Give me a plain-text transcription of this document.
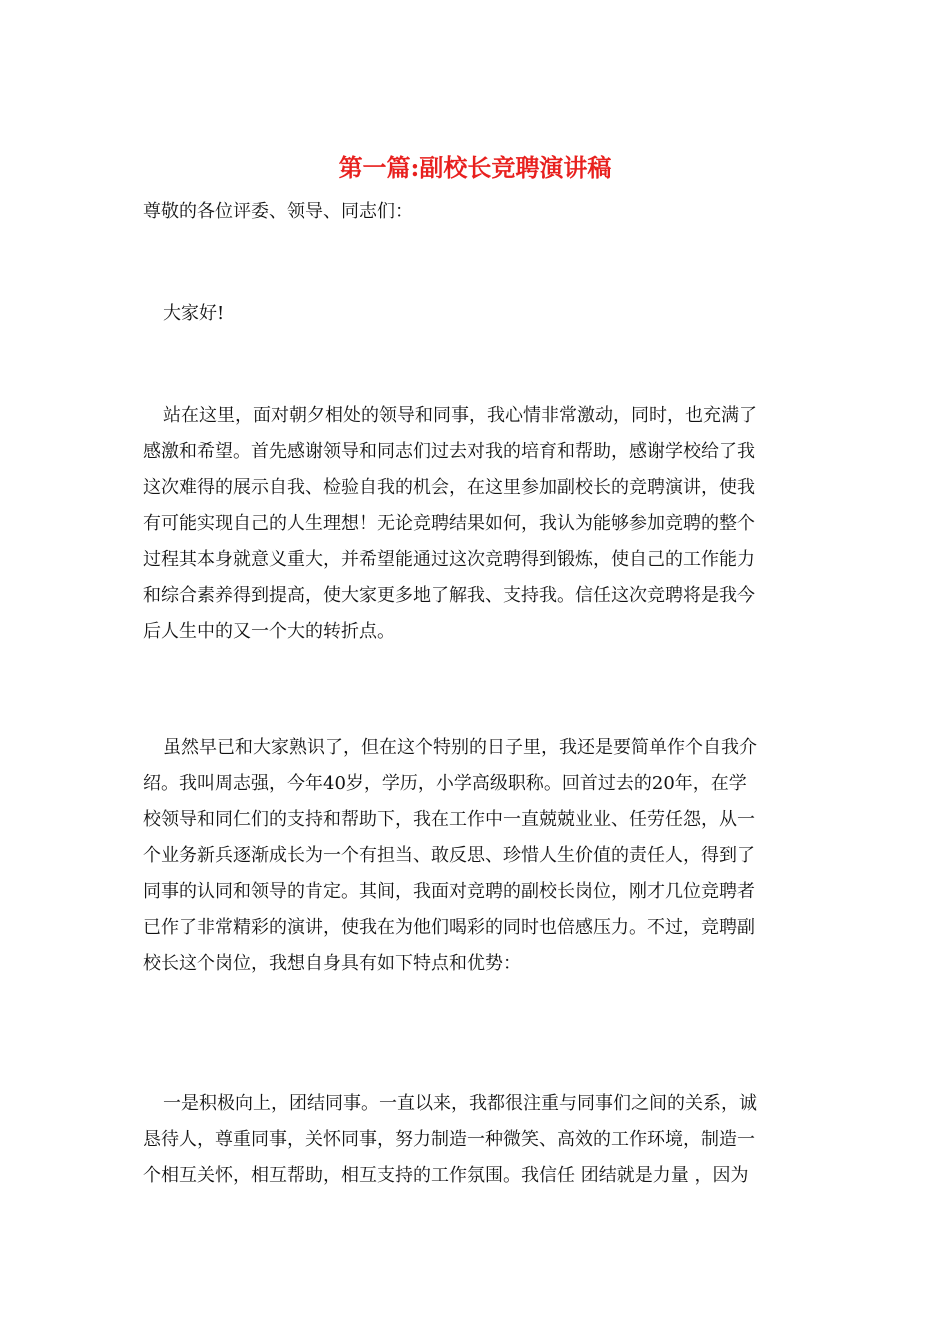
第一篇:副校长竞聘演讲稿

尊敬的各位评委、领导、同志们：

大家好!

站在这里，面对朝夕相处的领导和同事，我心情非常激动，同时，也充满了

感激和希望。首先感谢领导和同志们过去对我的培育和帮助，感谢学校给了我

这次难得的展示自我、检验自我的机会，在这里参加副校长的竞聘演讲，使我

有可能实现自己的人生理想！无论竞聘结果如何，我认为能够参加竞聘的整个

过程其本身就意义重大，并希望能通过这次竞聘得到锻炼，使自己的工作能力

和综合素养得到提高，使大家更多地了解我、支持我。信任这次竞聘将是我今

后人生中的又一个大的转折点。

虽然早已和大家熟识了，但在这个特别的日子里，我还是要简单作个自我介

绍。我叫周志强，今年40岁，学历，小学高级职称。回首过去的20年，在学

校领导和同仁们的支持和帮助下，我在工作中一直兢兢业业、任劳任怨，从一

个业务新兵逐渐成长为一个有担当、敢反思、珍惜人生价值的责任人，得到了

同事的认同和领导的肯定。其间，我面对竞聘的副校长岗位，刚才几位竞聘者

已作了非常精彩的演讲，使我在为他们喝彩的同时也倍感压力。不过，竞聘副

校长这个岗位，我想自身具有如下特点和优势：

一是积极向上，团结同事。一直以来，我都很注重与同事们之间的关系，诚

恳待人，尊重同事，关怀同事，努力制造一种微笑、高效的工作环境，制造一

个相互关怀，相互帮助，相互支持的工作氛围。我信任 团结就是力量 ，因为
